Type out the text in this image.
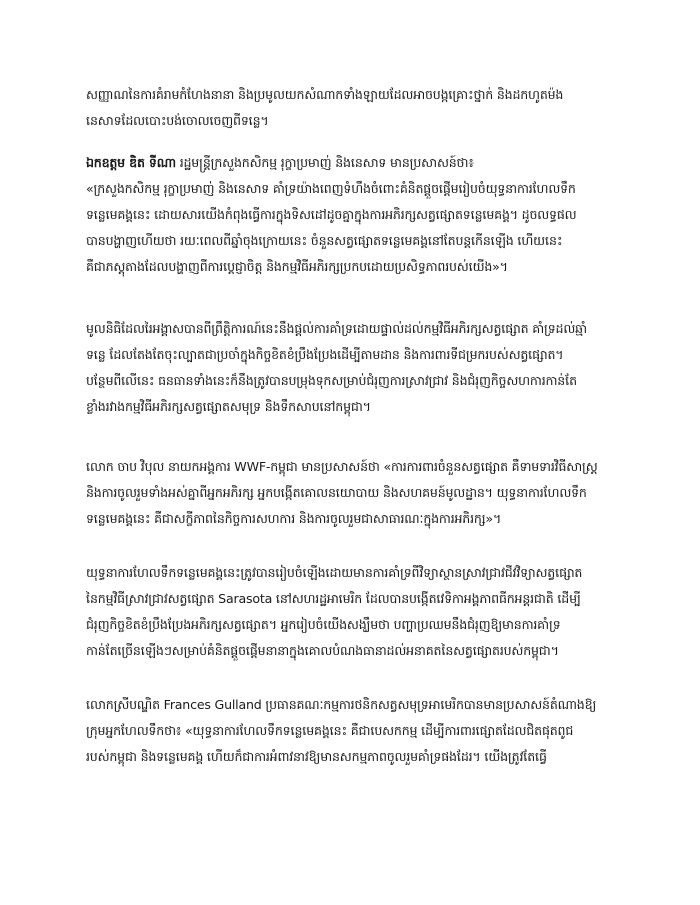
សញ្ញាណនៃការគំរាមកំហែងនានា និងប្រមូលយកសំណាកទាំងឡាយដែលអាចបង្កគ្រោះថ្នាក់ និងដកហូតម៉ង
នេសាទដែលបោះបង់ចោលចេញពីទន្លេ។

ឯកឧត្តម ឌិត ទីណា រដ្ឋមន្ត្រីក្រសួងកសិកម្ម រុក្ខាប្រមាញ់ និងនេសាទ មានប្រសាសន៍ថា៖
«ក្រសួងកសិកម្ម រុក្ខាប្រមាញ់ និងនេសាទ គាំទ្រយ៉ាងពេញទំហឹងចំពោះគំនិតផ្ដួចផ្ដើមរៀបចំយុទ្ធនាការហែលទឹក
ទន្លេមេគង្គនេះ ដោយសារយើងកំពុងធ្វើការក្នុងទិសដៅដូចគ្នាក្នុងការអភិរក្សសត្វផ្សោតទន្លេមេគង្គ។ ដូចលទ្ធផល
បានបង្ហាញហើយថា រយៈពេលពីឆ្នាំចុងក្រោយនេះ ចំនួនសត្វផ្សោតទន្លេមេគង្គនៅតែបន្តកើនឡើង ហើយនេះ
គឺជាភស្តុតាងដែលបង្ហាញពីការប្ដេជ្ញាចិត្ត និងកម្មវិធីអភិរក្សប្រកបដោយប្រសិទ្ធភាពរបស់យើង»។

មូលនិធិដែលរៃអង្គាសបានពីព្រឹត្តិការណ៍នេះនឹងផ្ដល់ការគាំទ្រដោយផ្ទាល់ដល់កម្មវិធីអភិរក្សសត្វផ្សោត គាំទ្រដល់ឆ្មាំ
ទន្លេ ដែលតែងតែចុះល្បាតជាប្រចាំក្នុងកិច្ចខិតខំប្រឹងប្រែងដើម្បីតាមដាន និងការពារទីជម្រករបស់សត្វផ្សោត។
បន្ថែមពីលើនេះ ធនធានទាំងនេះក៏នឹងត្រូវបានបម្រុងទុកសម្រាប់ជំរុញការស្រាវជ្រាវ និងជំរុញកិច្ចសហការកាន់តែ
ខ្លាំងរវាងកម្មវិធីអភិរក្សសត្វផ្សោតសមុទ្រ និងទឹកសាបនៅកម្ពុជា។

លោក ចាប វិបុល នាយកអង្គការ WWF-កម្ពុជា មានប្រសាសន៍ថា «ការការពារចំនួនសត្វផ្សោត គឺទាមទារវិធីសាស្ត្រ
និងការចូលរួមទាំងអស់គ្នាពីអ្នកអភិរក្ស អ្នកបង្កើតគោលនយោបាយ និងសហគមន៍មូលដ្ឋាន។ យុទ្ធនាការហែលទឹក
ទន្លេមេគង្គនេះ គឺជាសក្ខីភាពនៃកិច្ចការសហការ និងការចូលរួមជាសាធារណៈក្នុងការអភិរក្ស»។

យុទ្ធនាការហែលទឹកទន្លេមេគង្គនេះត្រូវបានរៀបចំឡើងដោយមានការគាំទ្រពីវិទ្យាស្ថានស្រាវជ្រាវជីវវិទ្យាសត្វផ្សោត
នៃកម្មវិធីស្រាវជ្រាវសត្វផ្សោត Sarasota នៅសហរដ្ឋអាមេរិក ដែលបានបង្កើតវេទិកាអង្គភាពធីកអន្តរជាតិ ដើម្បី
ជំរុញកិច្ចខិតខំប្រឹងប្រែងអភិរក្សសត្វផ្សោត។ អ្នករៀបចំយើងសង្ឃឹមថា បញ្ហាប្រឈមនឹងជំរុញឱ្យមានការគាំទ្រ
កាន់តែច្រើនឡើងៗសម្រាប់គំនិតផ្តួចផ្តើមនានាក្នុងគោលបំណងធានាដល់អនាគតនៃសត្វផ្សោតរបស់កម្ពុជា។

លោកស្រីបណ្ឌិត Frances Gulland ប្រធានគណៈកម្មការថនិកសត្វសមុទ្រអាមេរិកបានមានប្រសាសន៍តំណាងឱ្យ
ក្រុមអ្នកហែលទឹកថា៖ «យុទ្ធនាការហែលទឹកទន្លេមេគង្គនេះ គឺជាបេសកកម្ម ដើម្បីការពារផ្សោតដែលជិតផុតពូជ
របស់កម្ពុជា និងទន្លេមេគង្គ ហើយក៏ជាការអំពាវនាវឱ្យមានសកម្មភាពចូលរួមគាំទ្រផងដែរ។ យើងត្រូវតែធ្វើ
